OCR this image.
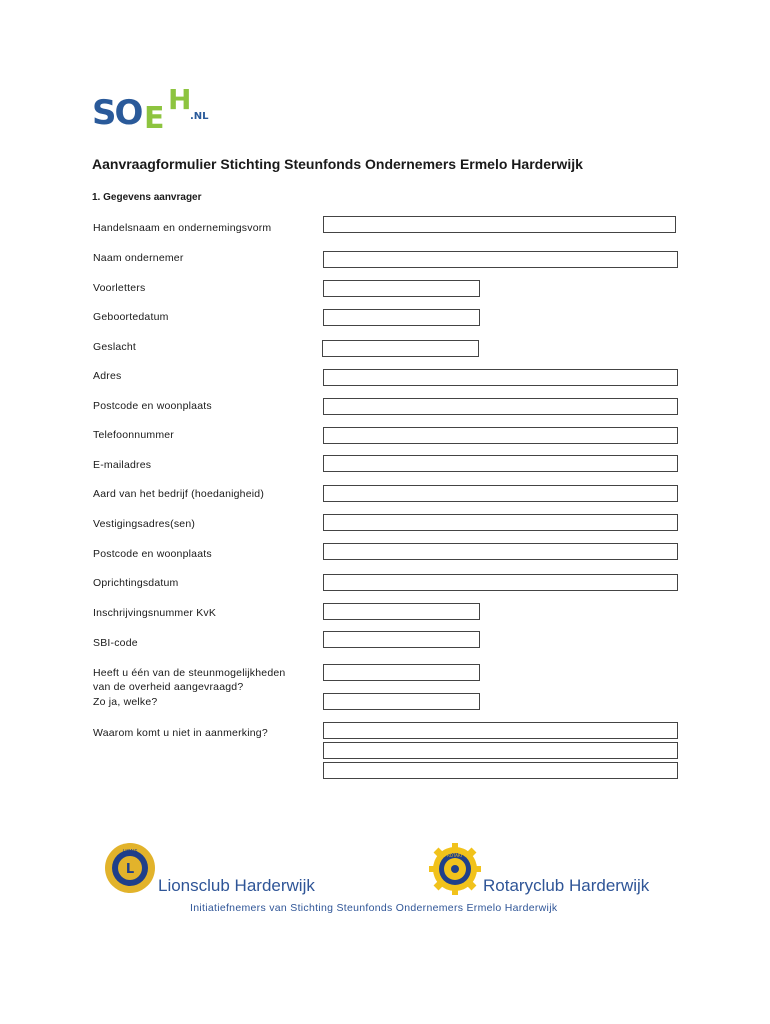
SO E
H
.NL
Aanvraagformulier Stichting Steunfonds Ondernemers Ermelo Harderwijk
1. Gegevens aanvrager
Handelsnaam en ondernemingsvorm
Naam ondernemer
Voorletters
Geboortedatum
Geslacht
Adres
Postcode en woonplaats
Telefoonnummer
E-mailadres
Aard van het bedrijf (hoedanigheid)
Vestigingsadres(sen)
Postcode en woonplaats
Oprichtingsdatum
Inschrijvingsnummer KvK
SBI-code
Heeft u één van de steunmogelijkheden
van de overheid aangevraagd?
Zo ja, welke?
Waarom komt u niet in aanmerking?
L
LIONS
Lionsclub Harderwijk
ROTARY
Rotaryclub Harderwijk
Initiatiefnemers van Stichting Steunfonds Ondernemers Ermelo Harderwijk
